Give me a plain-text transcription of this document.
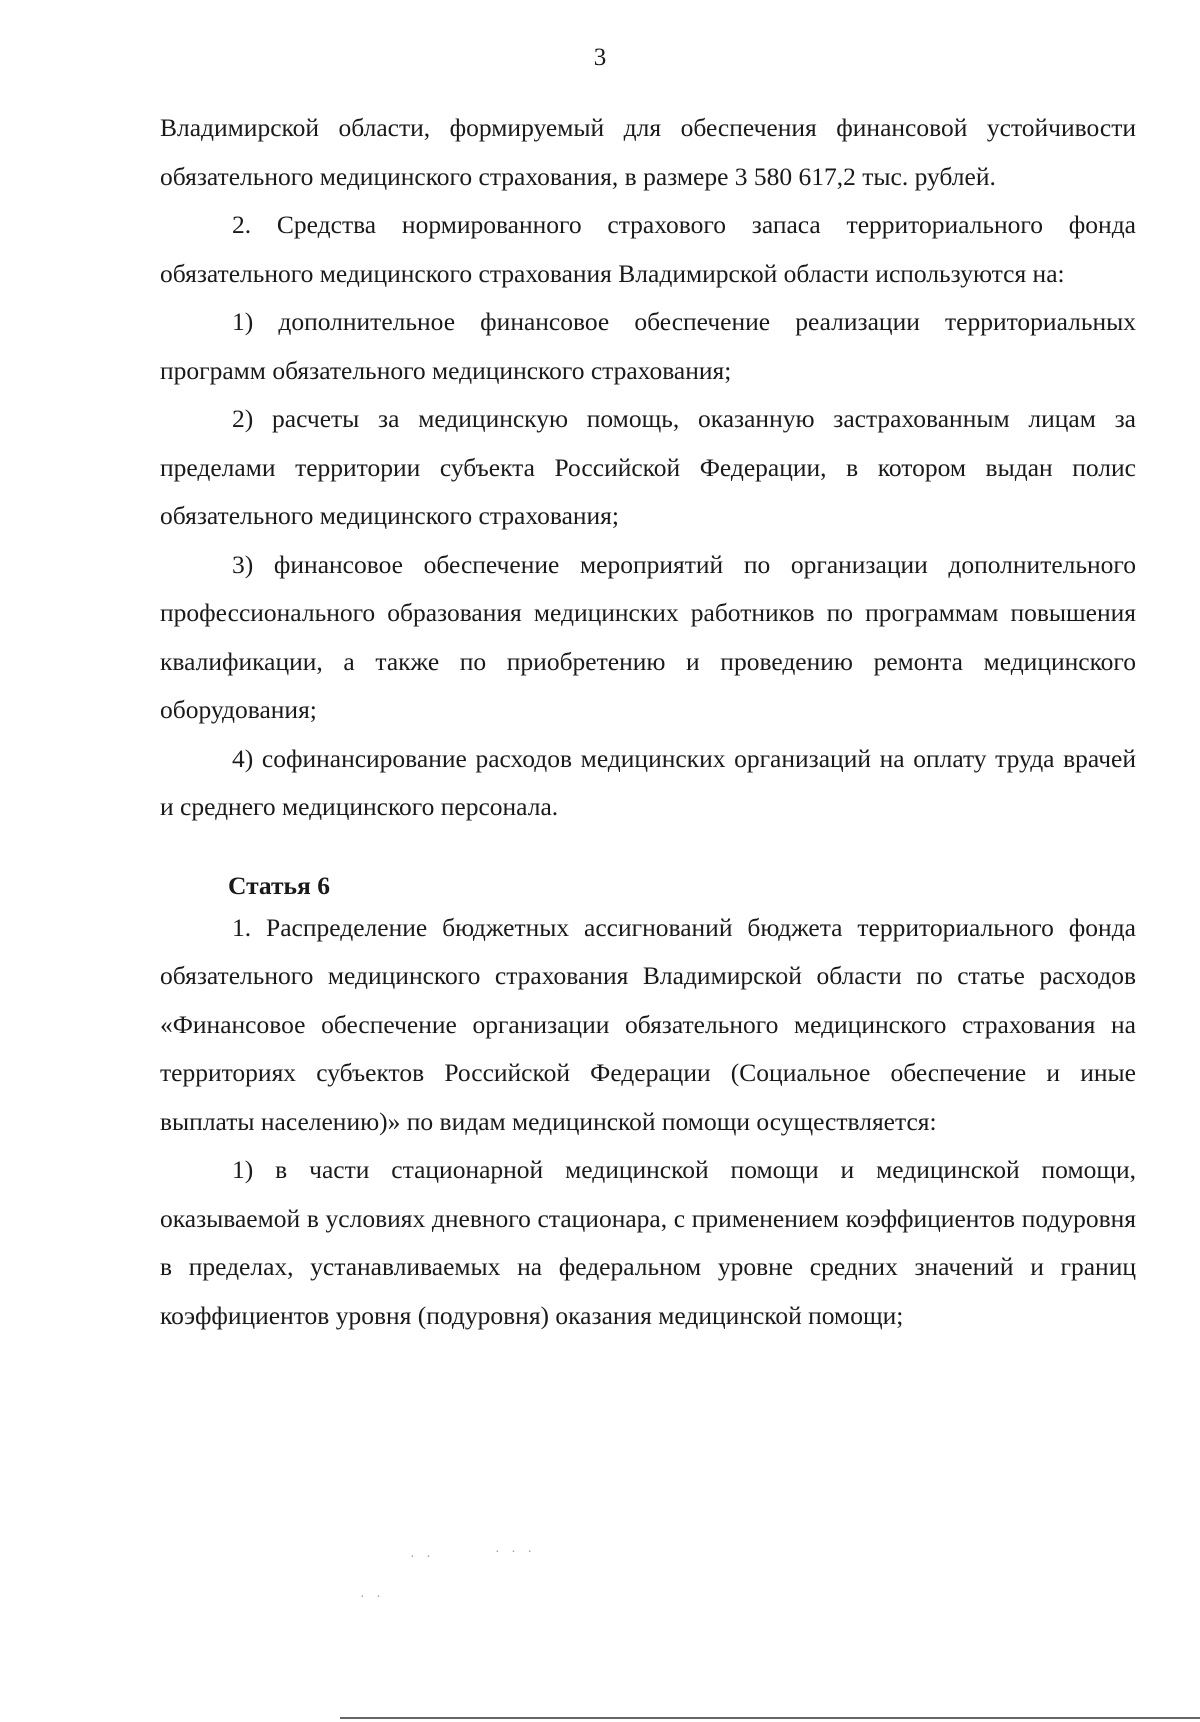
3

Владимирской области, формируемый для обеспечения финансовой устойчивости обязательного медицинского страхования, в размере 3 580 617,2 тыс. рублей.

2. Средства нормированного страхового запаса территориального фонда обязательного медицинского страхования Владимирской области используются на:

1) дополнительное финансовое обеспечение реализации территориальных программ обязательного медицинского страхования;

2) расчеты за медицинскую помощь, оказанную застрахованным лицам за пределами территории субъекта Российской Федерации, в котором выдан полис обязательного медицинского страхования;

3) финансовое обеспечение мероприятий по организации дополнительного профессионального образования медицинских работников по программам повышения квалификации, а также по приобретению и проведению ремонта медицинского оборудования;

4) софинансирование расходов медицинских организаций на оплату труда врачей и среднего медицинского персонала.

Статья 6

1. Распределение бюджетных ассигнований бюджета территориального фонда обязательного медицинского страхования Владимирской области по статье расходов «Финансовое обеспечение организации обязательного медицинского страхования на территориях субъектов Российской Федерации (Социальное обеспечение и иные выплаты населению)» по видам медицинской помощи осуществляется:

1) в части стационарной медицинской помощи и медицинской помощи, оказываемой в условиях дневного стационара, с применением коэффициентов подуровня в пределах, устанавливаемых на федеральном уровне средних значений и границ коэффициентов уровня (подуровня) оказания медицинской помощи;

· ·	· · ·
· ·
